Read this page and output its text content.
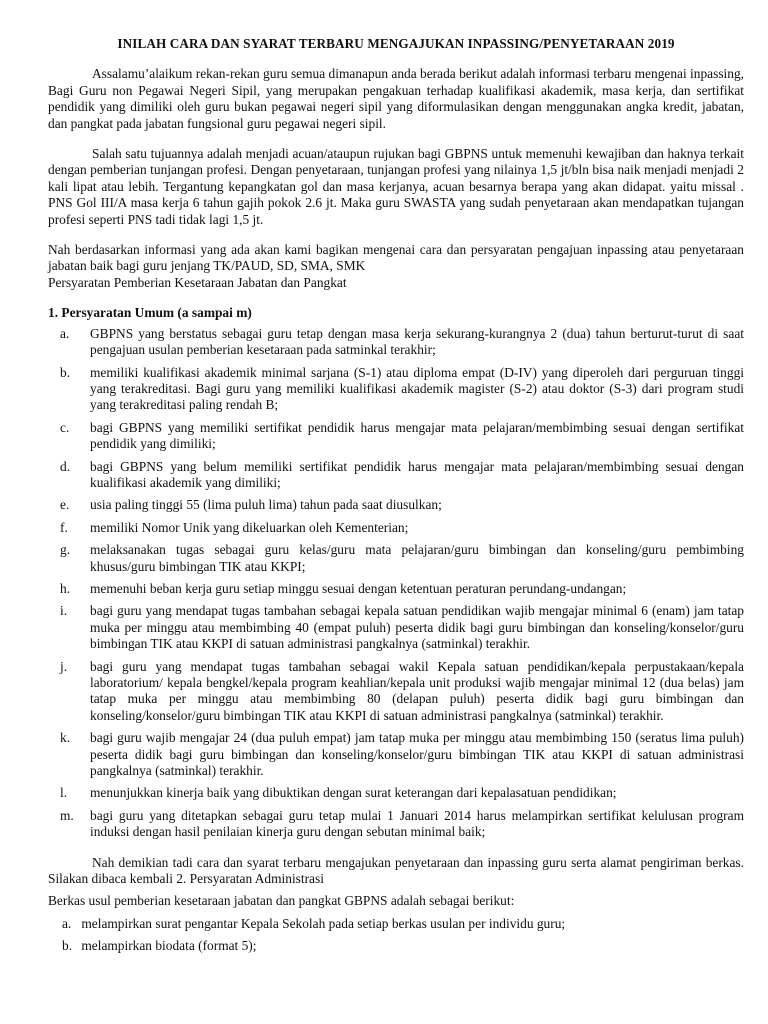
INILAH CARA DAN SYARAT TERBARU MENGAJUKAN INPASSING/PENYETARAAN 2019

Assalamu’alaikum rekan-rekan guru semua dimanapun anda berada berikut adalah informasi terbaru mengenai inpassing, Bagi Guru non Pegawai Negeri Sipil, yang merupakan pengakuan terhadap kualifikasi akademik, masa kerja, dan sertifikat pendidik yang dimiliki oleh guru bukan pegawai negeri sipil yang diformulasikan dengan menggunakan angka kredit, jabatan, dan pangkat pada jabatan fungsional guru pegawai negeri sipil.

Salah satu tujuannya adalah menjadi acuan/ataupun rujukan bagi GBPNS untuk memenuhi kewajiban dan haknya terkait dengan pemberian tunjangan profesi. Dengan penyetaraan, tunjangan profesi yang nilainya 1,5 jt/bln bisa naik menjadi menjadi 2 kali lipat atau lebih. Tergantung kepangkatan gol dan masa kerjanya, acuan besarnya berapa yang akan didapat. yaitu missal . PNS Gol III/A masa kerja 6 tahun gajih pokok 2.6 jt. Maka guru SWASTA yang sudah penyetaraan akan mendapatkan tujangan profesi seperti PNS tadi tidak lagi 1,5 jt.

Nah berdasarkan informasi yang ada akan kami bagikan mengenai cara dan persyaratan pengajuan inpassing atau penyetaraan jabatan baik bagi guru jenjang TK/PAUD, SD, SMA, SMK

Persyaratan Pemberian Kesetaraan Jabatan dan Pangkat

1. Persyaratan Umum (a sampai m)

a.	GBPNS yang berstatus sebagai guru tetap dengan masa kerja sekurang-kurangnya 2 (dua) tahun berturut-turut di saat pengajuan usulan pemberian kesetaraan pada satminkal terakhir;
b.	memiliki kualifikasi akademik minimal sarjana (S-1) atau diploma empat (D-IV) yang diperoleh dari perguruan tinggi yang terakreditasi. Bagi guru yang memiliki kualifikasi akademik magister (S-2) atau doktor (S-3) dari program studi yang terakreditasi paling rendah B;
c.	bagi GBPNS yang memiliki sertifikat pendidik harus mengajar mata pelajaran/membimbing sesuai dengan sertifikat pendidik yang dimiliki;
d.	bagi GBPNS yang belum memiliki sertifikat pendidik harus mengajar mata pelajaran/membimbing sesuai dengan kualifikasi akademik yang dimiliki;
e.	usia paling tinggi 55 (lima puluh lima) tahun pada saat diusulkan;
f.	memiliki Nomor Unik yang dikeluarkan oleh Kementerian;
g.	melaksanakan tugas sebagai guru kelas/guru mata pelajaran/guru bimbingan dan konseling/guru pembimbing khusus/guru bimbingan TIK atau KKPI;
h.	memenuhi beban kerja guru setiap minggu sesuai dengan ketentuan peraturan perundang-undangan;
i.	bagi guru yang mendapat tugas tambahan sebagai kepala satuan pendidikan wajib mengajar minimal 6 (enam) jam tatap muka per minggu atau membimbing 40 (empat puluh) peserta didik bagi guru bimbingan dan konseling/konselor/guru bimbingan TIK atau KKPI di satuan administrasi pangkalnya (satminkal) terakhir.
j.	bagi guru yang mendapat tugas tambahan sebagai wakil Kepala satuan pendidikan/kepala perpustakaan/kepala laboratorium/ kepala bengkel/kepala program keahlian/kepala unit produksi wajib mengajar minimal 12 (dua belas) jam tatap muka per minggu atau membimbing 80 (delapan puluh) peserta didik bagi guru bimbingan dan konseling/konselor/guru bimbingan TIK atau KKPI di satuan administrasi pangkalnya (satminkal) terakhir.
k.	bagi guru wajib mengajar 24 (dua puluh empat) jam tatap muka per minggu atau membimbing 150 (seratus lima puluh) peserta didik bagi guru bimbingan dan konseling/konselor/guru bimbingan TIK atau KKPI di satuan administrasi pangkalnya (satminkal) terakhir.
l.	menunjukkan kinerja baik yang dibuktikan dengan surat keterangan dari kepalasatuan pendidikan;
m.	bagi guru yang ditetapkan sebagai guru tetap mulai 1 Januari 2014 harus melampirkan sertifikat kelulusan program induksi dengan hasil penilaian kinerja guru dengan sebutan minimal baik;

Nah demikian tadi cara dan syarat terbaru mengajukan penyetaraan dan inpassing guru serta alamat pengiriman berkas. Silakan dibaca kembali 2. Persyaratan Administrasi

Berkas usul pemberian kesetaraan jabatan dan pangkat GBPNS adalah sebagai berikut:

a. melampirkan surat pengantar Kepala Sekolah pada setiap berkas usulan per individu guru;
b. melampirkan biodata (format 5);
